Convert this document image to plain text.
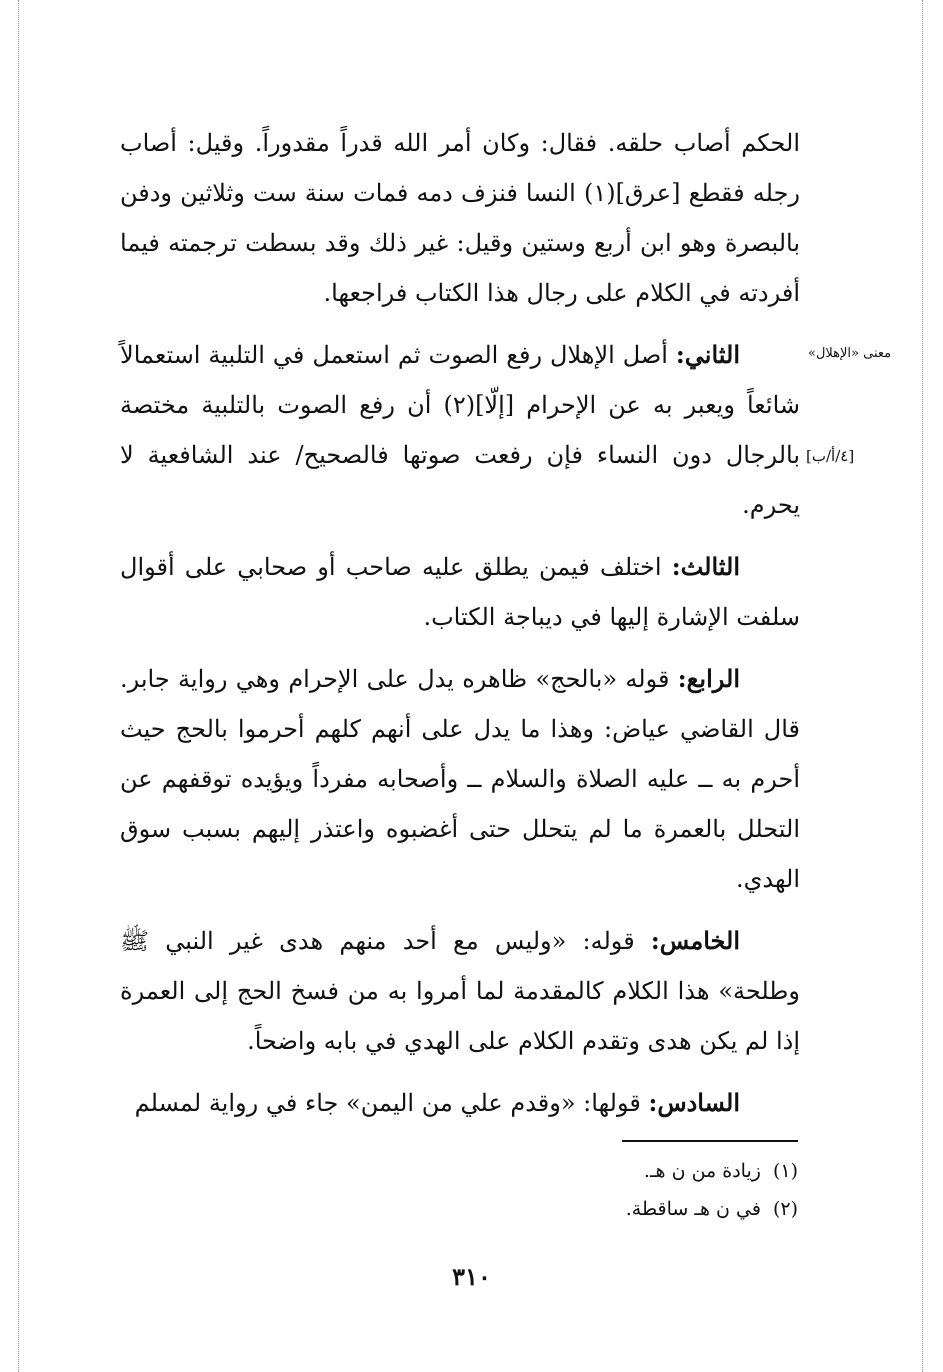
معنى «الإهلال»
[٤/أ/ب]

الحكم أصاب حلقه. فقال: وكان أمر الله قدراً مقدوراً. وقيل: أصاب رجله فقطع [عرق](١) النسا فنزف دمه فمات سنة ست وثلاثين ودفن بالبصرة وهو ابن أربع وستين وقيل: غير ذلك وقد بسطت ترجمته فيما أفردته في الكلام على رجال هذا الكتاب فراجعها.

الثاني: أصل الإهلال رفع الصوت ثم استعمل في التلبية استعمالاً شائعاً ويعبر به عن الإحرام [إلّا](٢) أن رفع الصوت بالتلبية مختصة بالرجال دون النساء فإن رفعت صوتها فالصحيح/ عند الشافعية لا يحرم.

الثالث: اختلف فيمن يطلق عليه صاحب أو صحابي على أقوال سلفت الإشارة إليها في ديباجة الكتاب.

الرابع: قوله «بالحج» ظاهره يدل على الإحرام وهي رواية جابر. قال القاضي عياض: وهذا ما يدل على أنهم كلهم أحرموا بالحج حيث أحرم به ــ عليه الصلاة والسلام ــ وأصحابه مفرداً ويؤيده توقفهم عن التحلل بالعمرة ما لم يتحلل حتى أغضبوه واعتذر إليهم بسبب سوق الهدي.

الخامس: قوله: «وليس مع أحد منهم هدى غير النبي ﷺ وطلحة» هذا الكلام كالمقدمة لما أمروا به من فسخ الحج إلى العمرة إذا لم يكن هدى وتقدم الكلام على الهدي في بابه واضحاً.

السادس: قولها: «وقدم علي من اليمن» جاء في رواية لمسلم

(١)زيادة من ن هـ.

(٢)في ن هـ ساقطة.

٣١٠
